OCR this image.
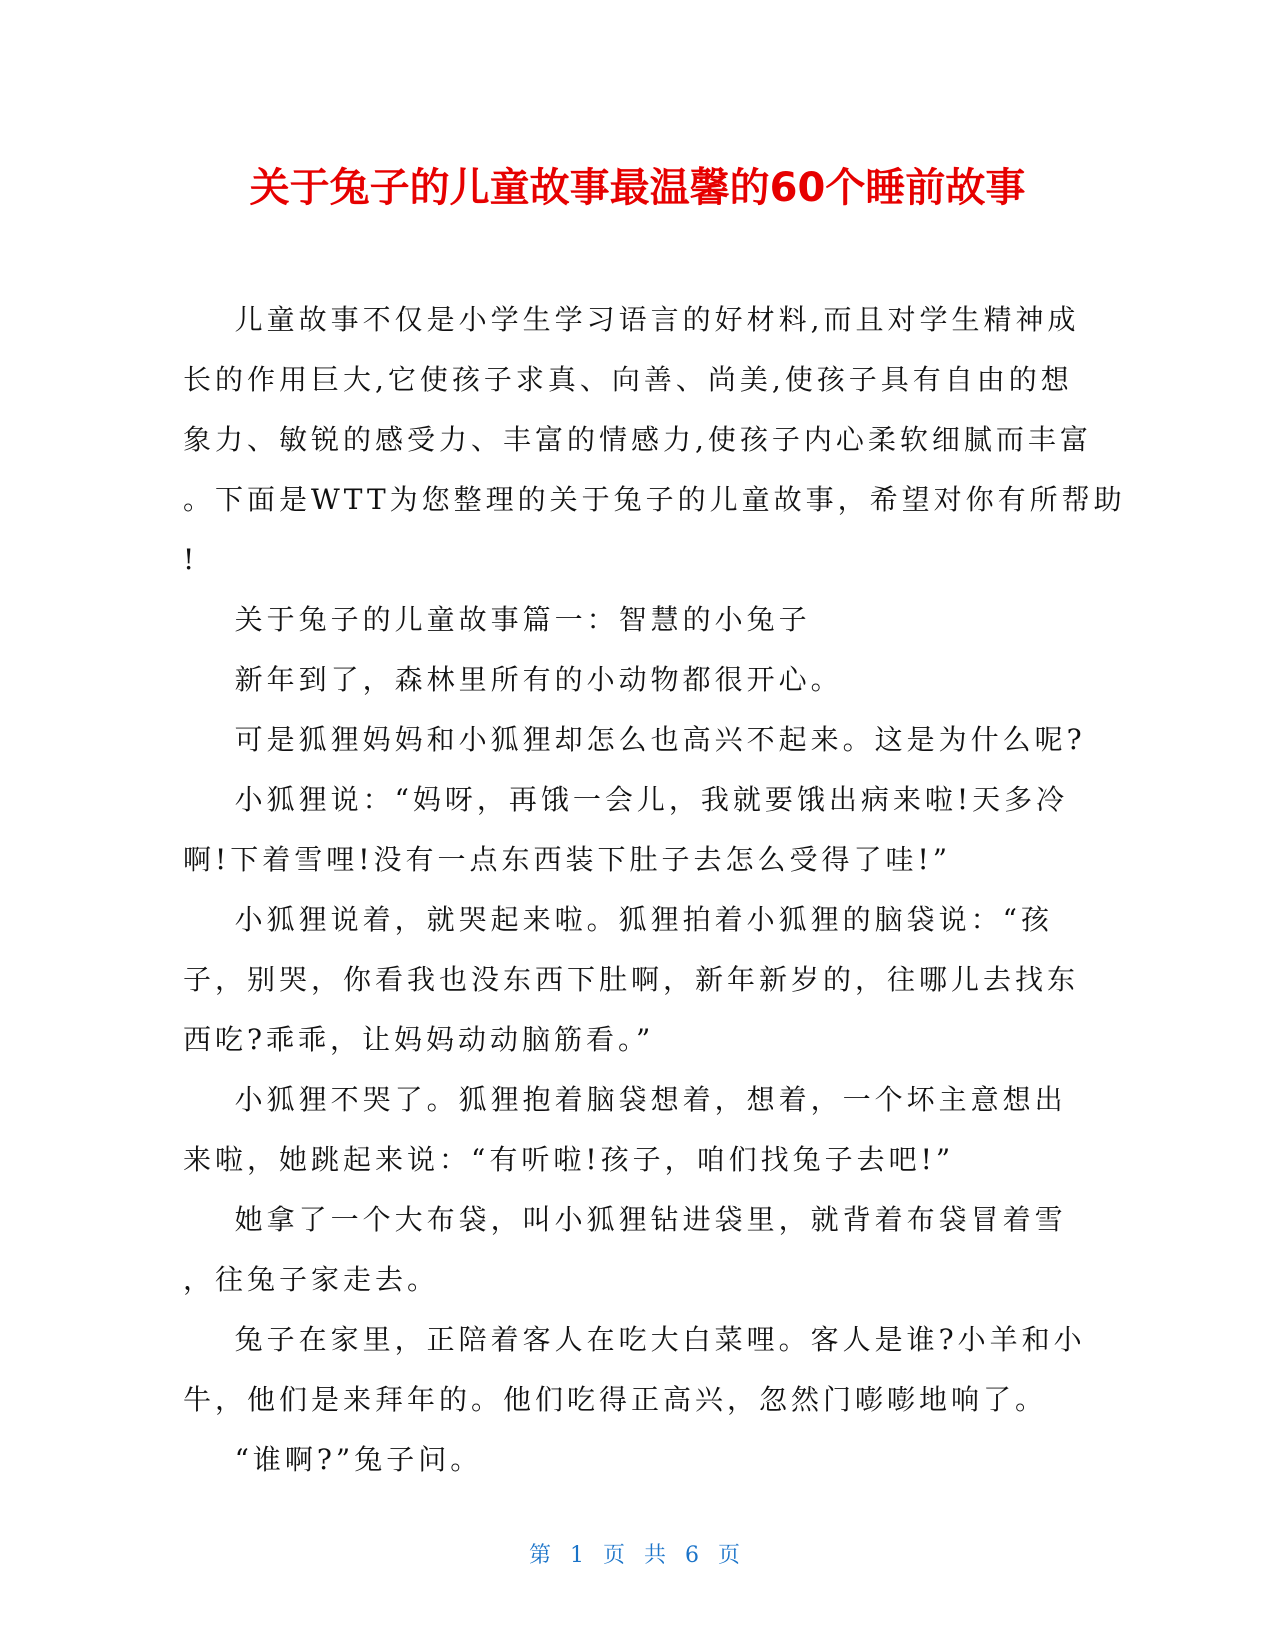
关于兔子的儿童故事最温馨的60个睡前故事
儿童故事不仅是小学生学习语言的好材料,而且对学生精神成
长的作用巨大,它使孩子求真、向善、尚美,使孩子具有自由的想
象力、敏锐的感受力、丰富的情感力,使孩子内心柔软细腻而丰富
。下面是WTT为您整理的关于兔子的儿童故事，希望对你有所帮助
!
关于兔子的儿童故事篇一：智慧的小兔子
新年到了，森林里所有的小动物都很开心。
可是狐狸妈妈和小狐狸却怎么也高兴不起来。这是为什么呢?
小狐狸说：“妈呀，再饿一会儿，我就要饿出病来啦!天多冷
啊!下着雪哩!没有一点东西装下肚子去怎么受得了哇!”
小狐狸说着，就哭起来啦。狐狸拍着小狐狸的脑袋说：“孩
子，别哭，你看我也没东西下肚啊，新年新岁的，往哪儿去找东
西吃?乖乖，让妈妈动动脑筋看。”
小狐狸不哭了。狐狸抱着脑袋想着，想着，一个坏主意想出
来啦，她跳起来说：“有听啦!孩子，咱们找兔子去吧!”
她拿了一个大布袋，叫小狐狸钻进袋里，就背着布袋冒着雪
，往兔子家走去。
兔子在家里，正陪着客人在吃大白菜哩。客人是谁?小羊和小
牛，他们是来拜年的。他们吃得正高兴，忽然门嘭嘭地响了。
“谁啊?”兔子问。
第 1 页 共 6 页
